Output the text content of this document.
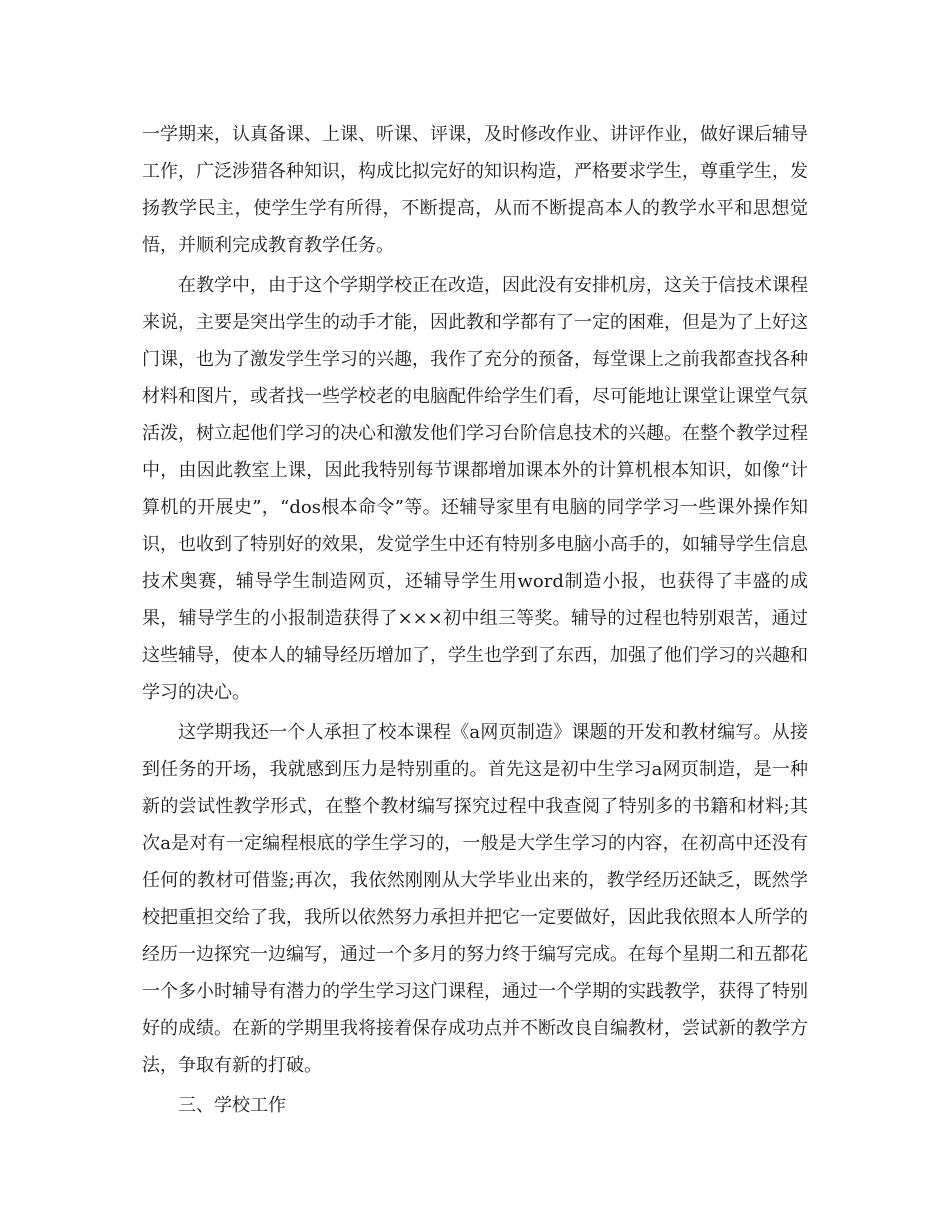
一学期来，认真备课、上课、听课、评课，及时修改作业、讲评作业，做好课后辅导工作，广泛涉猎各种知识，构成比拟完好的知识构造，严格要求学生，尊重学生，发扬教学民主，使学生学有所得，不断提高，从而不断提高本人的教学水平和思想觉悟，并顺利完成教育教学任务。

在教学中，由于这个学期学校正在改造，因此没有安排机房，这关于信技术课程来说，主要是突出学生的动手才能，因此教和学都有了一定的困难，但是为了上好这门课，也为了激发学生学习的兴趣，我作了充分的预备，每堂课上之前我都查找各种材料和图片，或者找一些学校老的电脑配件给学生们看，尽可能地让课堂让课堂气氛活泼，树立起他们学习的决心和激发他们学习台阶信息技术的兴趣。在整个教学过程中，由因此教室上课，因此我特别每节课都增加课本外的计算机根本知识，如像“计算机的开展史”，“dos根本命令”等。还辅导家里有电脑的同学学习一些课外操作知识，也收到了特别好的效果，发觉学生中还有特别多电脑小高手的，如辅导学生信息技术奥赛，辅导学生制造网页，还辅导学生用word制造小报，也获得了丰盛的成果，辅导学生的小报制造获得了×××初中组三等奖。辅导的过程也特别艰苦，通过这些辅导，使本人的辅导经历增加了，学生也学到了东西，加强了他们学习的兴趣和学习的决心。

这学期我还一个人承担了校本课程《a网页制造》课题的开发和教材编写。从接到任务的开场，我就感到压力是特别重的。首先这是初中生学习a网页制造，是一种新的尝试性教学形式，在整个教材编写探究过程中我查阅了特别多的书籍和材料;其次a是对有一定编程根底的学生学习的，一般是大学生学习的内容，在初高中还没有任何的教材可借鉴;再次，我依然刚刚从大学毕业出来的，教学经历还缺乏，既然学校把重担交给了我，我所以依然努力承担并把它一定要做好，因此我依照本人所学的经历一边探究一边编写，通过一个多月的努力终于编写完成。在每个星期二和五都花一个多小时辅导有潜力的学生学习这门课程，通过一个学期的实践教学，获得了特别好的成绩。在新的学期里我将接着保存成功点并不断改良自编教材，尝试新的教学方法，争取有新的打破。

三、学校工作
